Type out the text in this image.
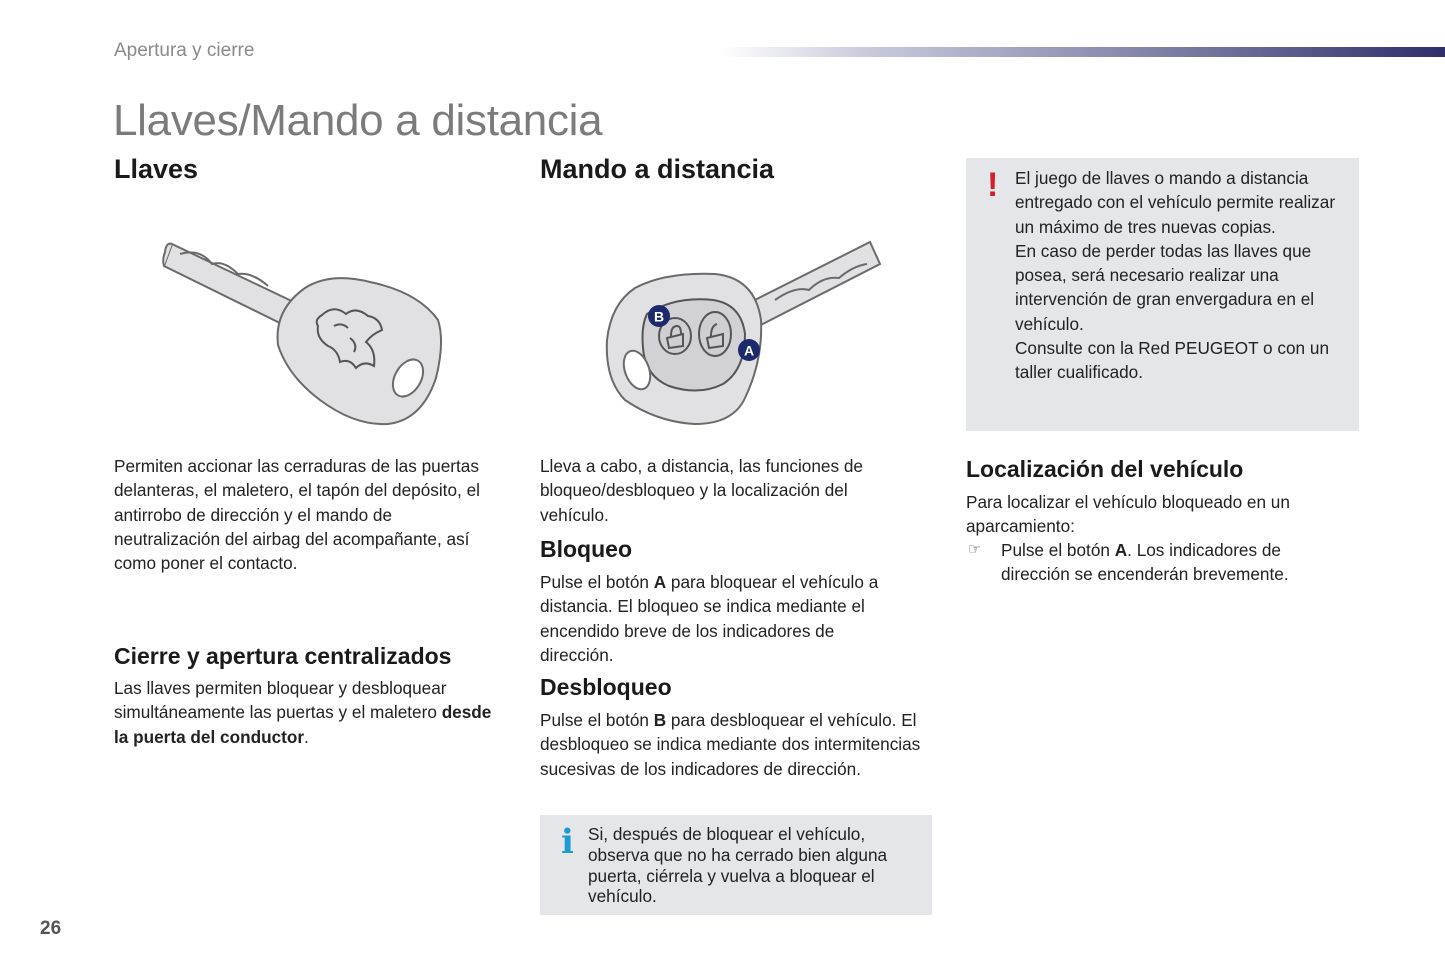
Apertura y cierre
Llaves/Mando a distancia
Llaves
Permiten accionar las cerraduras de las puertas delanteras, el maletero, el tapón del depósito, el antirrobo de dirección y el mando de neutralización del airbag del acompañante, así como poner el contacto.
Cierre y apertura centralizados
Las llaves permiten bloquear y desbloquear simultáneamente las puertas y el maletero desde la puerta del conductor.
Mando a distancia
B
A
Lleva a cabo, a distancia, las funciones de bloqueo/desbloqueo y la localización del vehículo.
Bloqueo
Pulse el botón A para bloquear el vehículo a distancia. El bloqueo se indica mediante el encendido breve de los indicadores de dirección.
Desbloqueo
Pulse el botón B para desbloquear el vehículo. El desbloqueo se indica mediante dos intermitencias sucesivas de los indicadores de dirección.
i Si, después de bloquear el vehículo, observa que no ha cerrado bien alguna puerta, ciérrela y vuelva a bloquear el vehículo.
! El juego de llaves o mando a distancia entregado con el vehículo permite realizar un máximo de tres nuevas copias.
En caso de perder todas las llaves que posea, será necesario realizar una intervención de gran envergadura en el vehículo.
Consulte con la Red PEUGEOT o con un taller cualificado.
Localización del vehículo
Para localizar el vehículo bloqueado en un aparcamiento:
☞ Pulse el botón A. Los indicadores de dirección se encenderán brevemente.
26
